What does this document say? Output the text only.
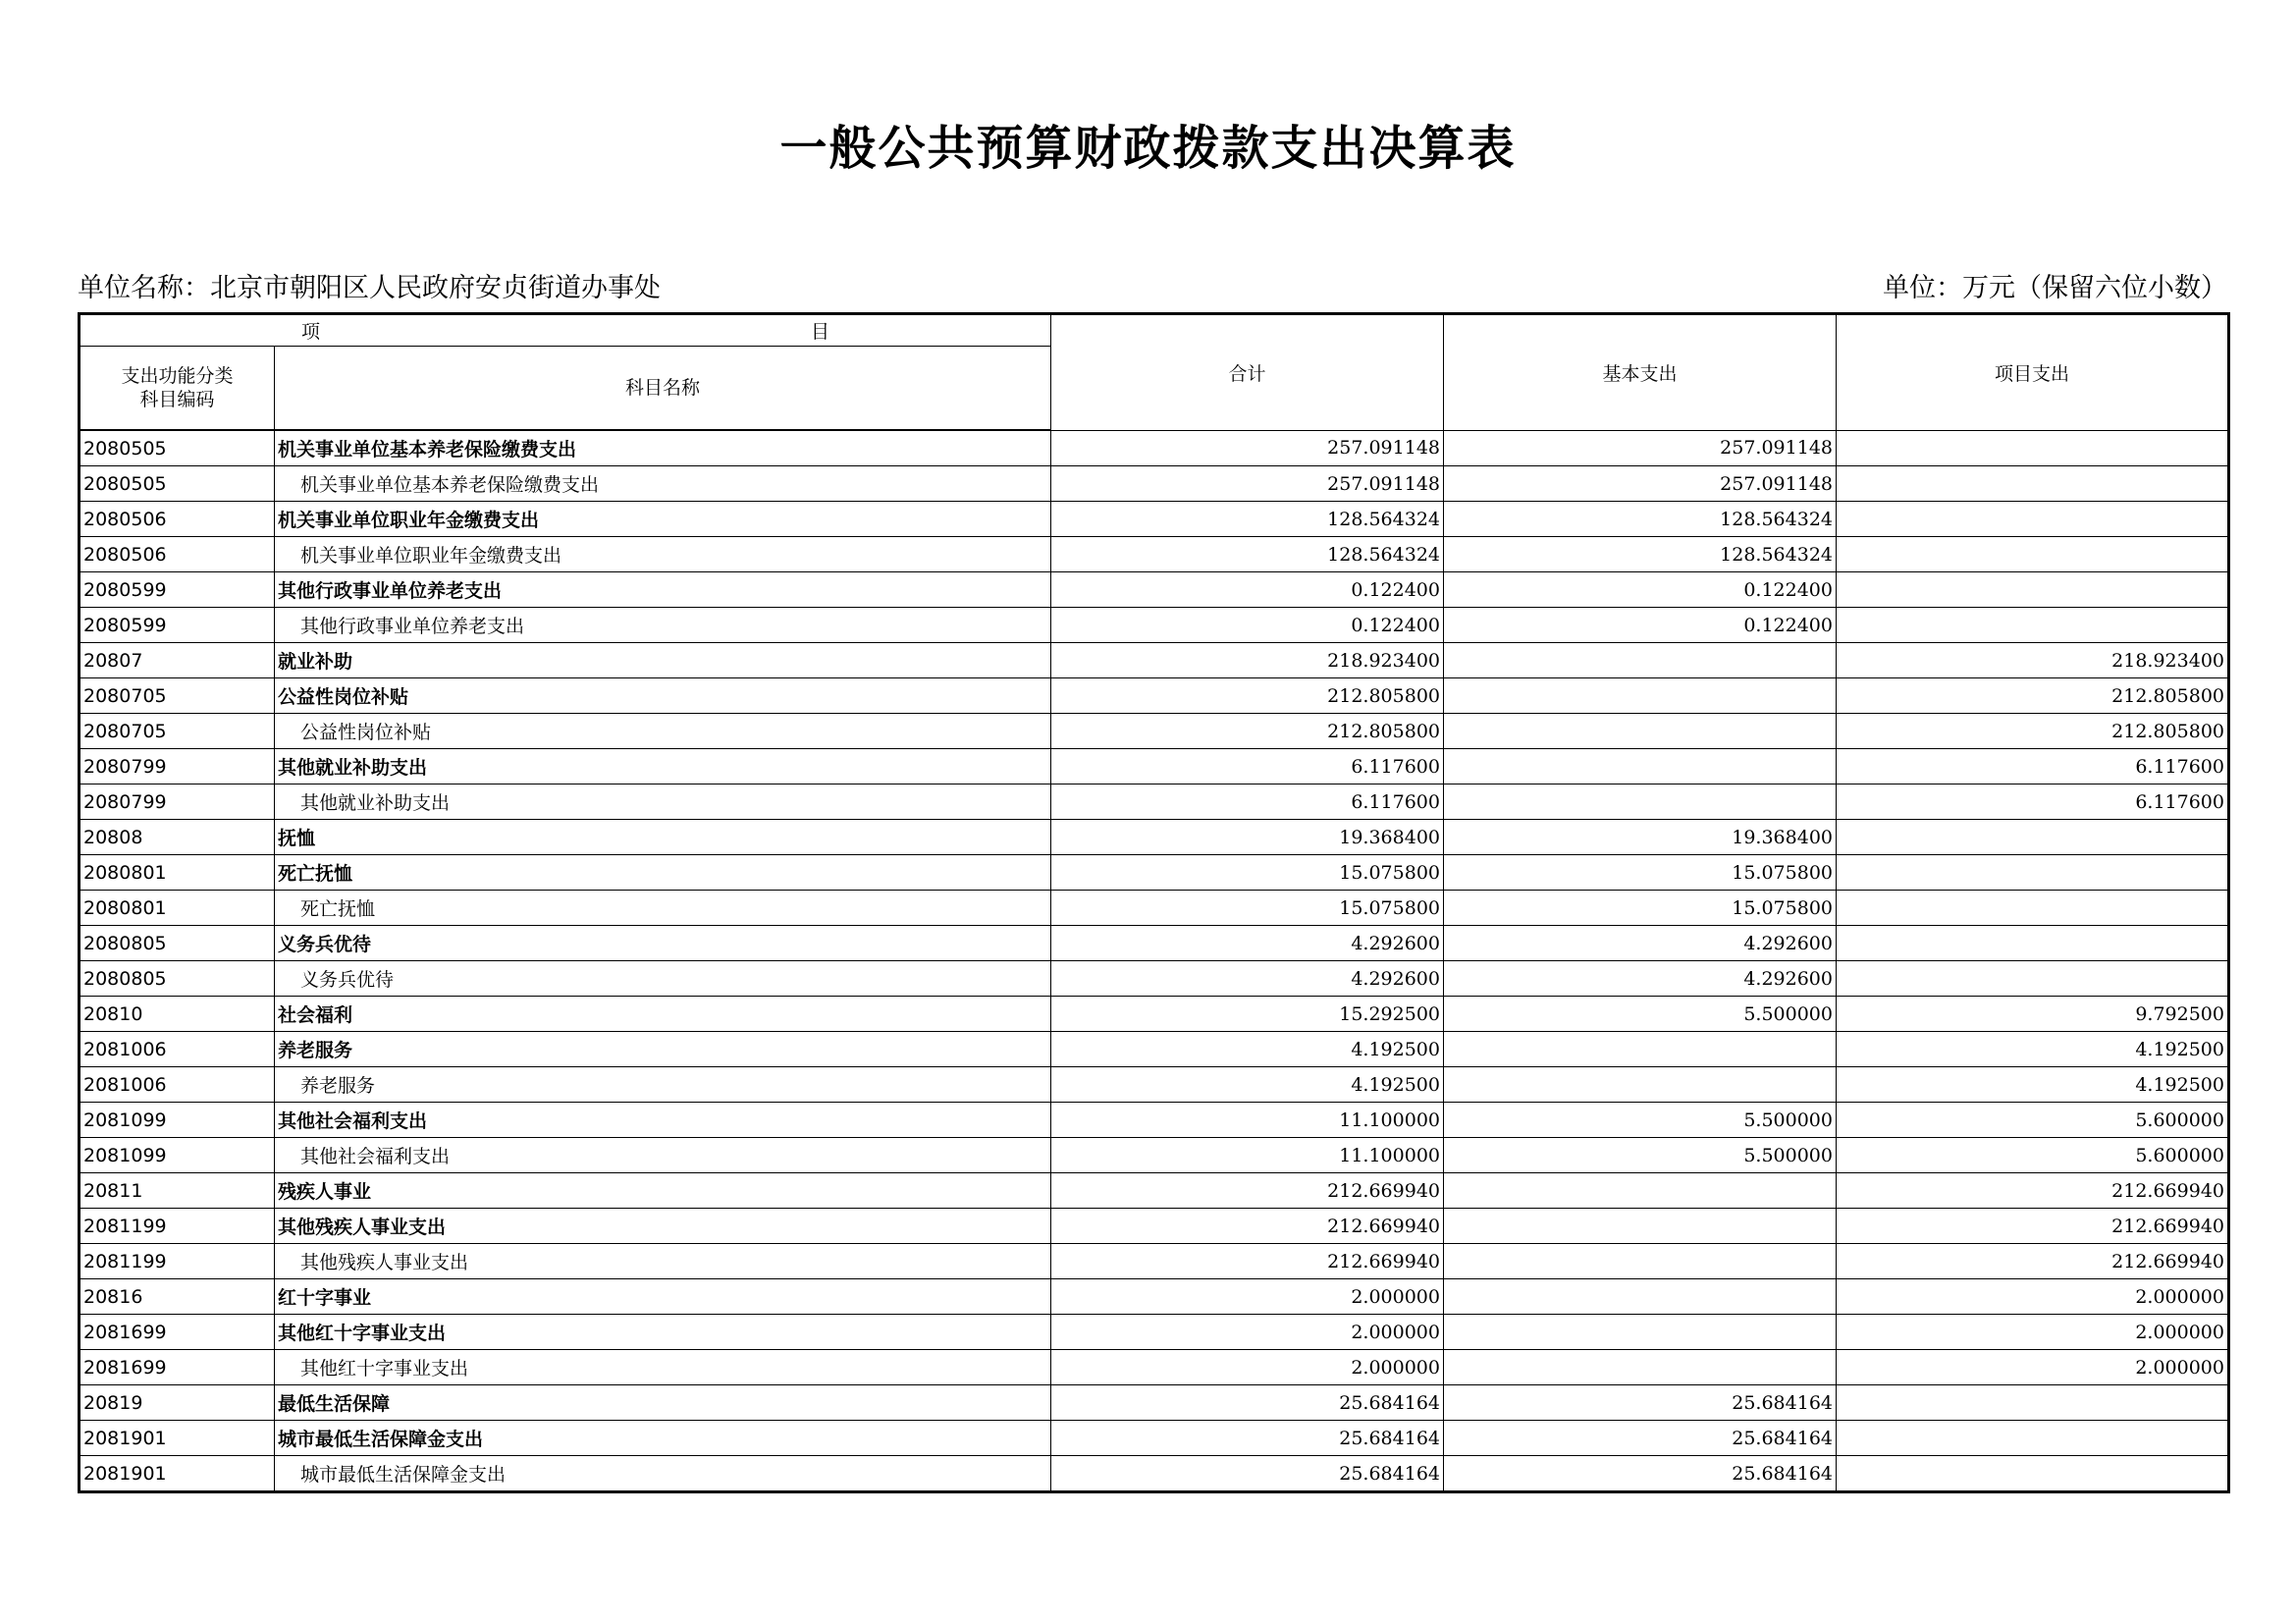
一般公共预算财政拨款支出决算表
单位名称：北京市朝阳区人民政府安贞街道办事处	单位：万元（保留六位小数）
项 目		合计	基本支出	项目支出

支出功能分类
科目编码	科目名称			
2080505	机关事业单位基本养老保险缴费支出	257.091148	257.091148	
2080505	机关事业单位基本养老保险缴费支出	257.091148	257.091148	
2080506	机关事业单位职业年金缴费支出	128.564324	128.564324	
2080506	机关事业单位职业年金缴费支出	128.564324	128.564324	
2080599	其他行政事业单位养老支出	0.122400	0.122400	
2080599	其他行政事业单位养老支出	0.122400	0.122400	
20807	就业补助	218.923400		218.923400
2080705	公益性岗位补贴	212.805800		212.805800
2080705	公益性岗位补贴	212.805800		212.805800
2080799	其他就业补助支出	6.117600		6.117600
2080799	其他就业补助支出	6.117600		6.117600
20808	抚恤	19.368400	19.368400	
2080801	死亡抚恤	15.075800	15.075800	
2080801	死亡抚恤	15.075800	15.075800	
2080805	义务兵优待	4.292600	4.292600	
2080805	义务兵优待	4.292600	4.292600	
20810	社会福利	15.292500	5.500000	9.792500
2081006	养老服务	4.192500		4.192500
2081006	养老服务	4.192500		4.192500
2081099	其他社会福利支出	11.100000	5.500000	5.600000
2081099	其他社会福利支出	11.100000	5.500000	5.600000
20811	残疾人事业	212.669940		212.669940
2081199	其他残疾人事业支出	212.669940		212.669940
2081199	其他残疾人事业支出	212.669940		212.669940
20816	红十字事业	2.000000		2.000000
2081699	其他红十字事业支出	2.000000		2.000000
2081699	其他红十字事业支出	2.000000		2.000000
20819	最低生活保障	25.684164	25.684164	
2081901	城市最低生活保障金支出	25.684164	25.684164	
2081901	城市最低生活保障金支出	25.684164	25.684164	
